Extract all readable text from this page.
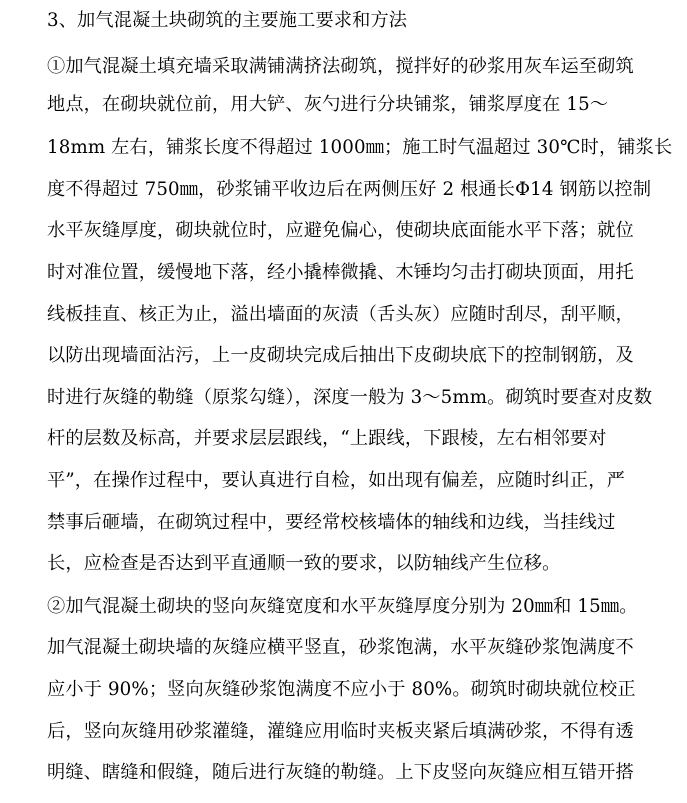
3、加气混凝土块砌筑的主要施工要求和方法
①加气混凝土填充墙采取满铺满挤法砌筑，搅拌好的砂浆用灰车运至砌筑
地点，在砌块就位前，用大铲、灰勺进行分块铺浆，铺浆厚度在 15～
18mm 左右，铺浆长度不得超过 1000㎜；施工时气温超过 30℃时，铺浆长
度不得超过 750㎜，砂浆铺平收边后在两侧压好 2 根通长Φ14 钢筋以控制
水平灰缝厚度，砌块就位时，应避免偏心，使砌块底面能水平下落；就位
时对准位置，缓慢地下落，经小撬棒微撬、木锤均匀击打砌块顶面，用托
线板挂直、核正为止，溢出墙面的灰渍（舌头灰）应随时刮尽，刮平顺，
以防出现墙面沾污，上一皮砌块完成后抽出下皮砌块底下的控制钢筋，及
时进行灰缝的勒缝（原浆勾缝），深度一般为 3～5mm。砌筑时要查对皮数
杆的层数及标高，并要求层层跟线，“上跟线，下跟棱，左右相邻要对
平”，在操作过程中，要认真进行自检，如出现有偏差，应随时纠正，严
禁事后砸墙，在砌筑过程中，要经常校核墙体的轴线和边线，当挂线过
长，应检查是否达到平直通顺一致的要求，以防轴线产生位移。
②加气混凝土砌块的竖向灰缝宽度和水平灰缝厚度分别为 20㎜和 15㎜。
加气混凝土砌块墙的灰缝应横平竖直，砂浆饱满，水平灰缝砂浆饱满度不
应小于 90%；竖向灰缝砂浆饱满度不应小于 80%。砌筑时砌块就位校正
后，竖向灰缝用砂浆灌缝，灌缝应用临时夹板夹紧后填满砂浆，不得有透
明缝、瞎缝和假缝，随后进行灰缝的勒缝。上下皮竖向灰缝应相互错开搭
